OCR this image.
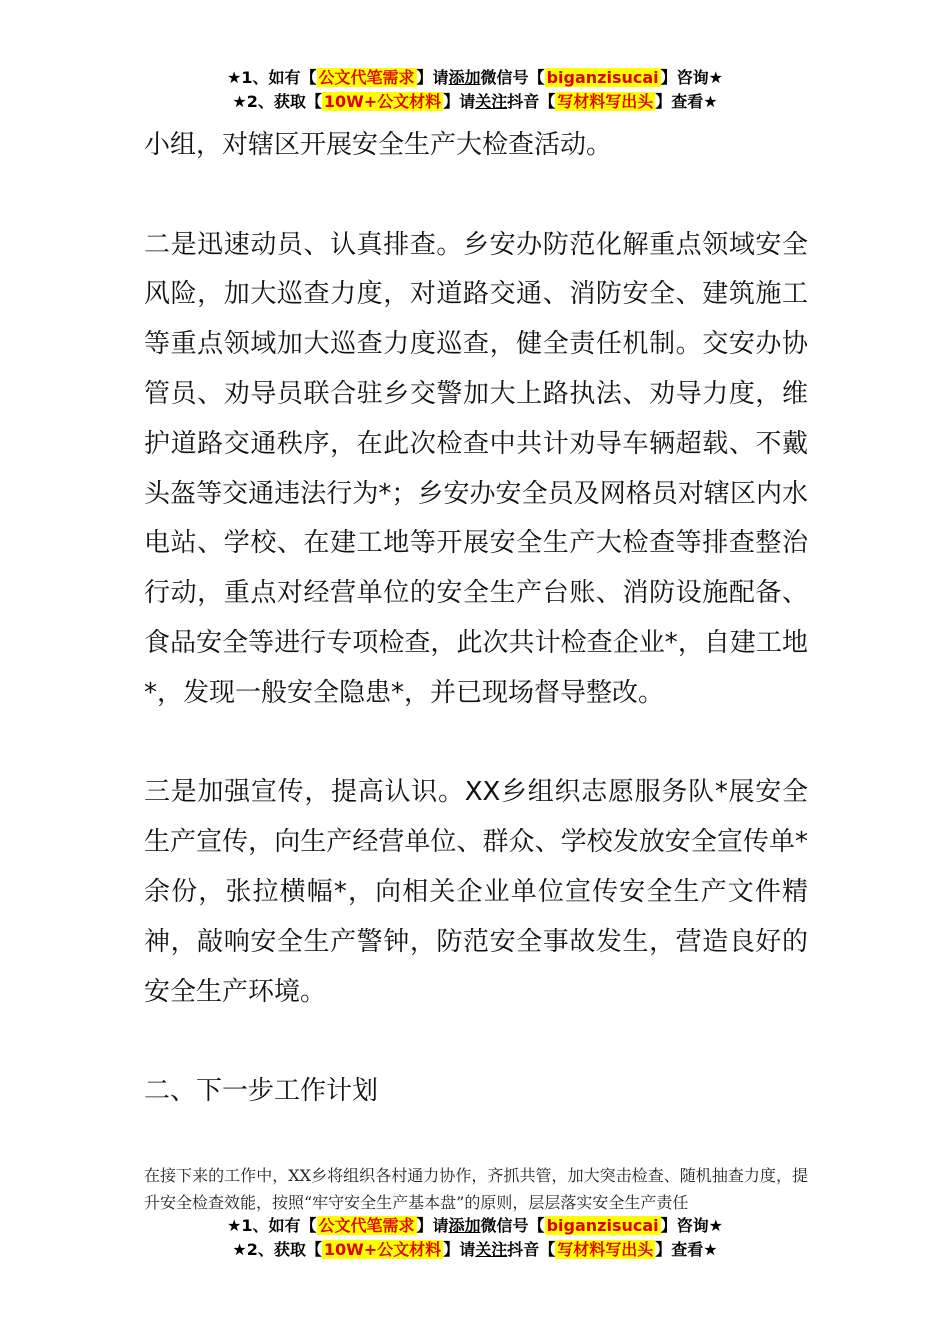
★1、如有【 公文代笔需求 】请添加微信号【 biganzisucai 】咨询★
★2、获取【 10W+公文材料 】请关注抖音【 写材料写出头 】查看★

小组，对辖区开展安全生产大检查活动。

二是迅速动员、认真排查。乡安办防范化解重点领域安全风险，加大巡查力度，对道路交通、消防安全、建筑施工等重点领域加大巡查力度巡查，健全责任机制。交安办协管员、劝导员联合驻乡交警加大上路执法、劝导力度，维护道路交通秩序，在此次检查中共计劝导车辆超载、不戴头盔等交通违法行为*；乡安办安全员及网格员对辖区内水电站、学校、在建工地等开展安全生产大检查等排查整治行动，重点对经营单位的安全生产台账、消防设施配备、食品安全等进行专项检查，此次共计检查企业*，自建工地*，发现一般安全隐患*，并已现场督导整改。

三是加强宣传，提高认识。XX乡组织志愿服务队*展安全生产宣传，向生产经营单位、群众、学校发放安全宣传单*余份，张拉横幅*，向相关企业单位宣传安全生产文件精神，敲响安全生产警钟，防范安全事故发生，营造良好的安全生产环境。

二、下一步工作计划

在接下来的工作中，XX乡将组织各村通力协作，齐抓共管，加大突击检查、随机抽查力度，提升安全检查效能，按照“牢守安全生产基本盘”的原则，层层落实安全生产责任
★1、如有【 公文代笔需求 】请添加微信号【 biganzisucai 】咨询★
★2、获取【 10W+公文材料 】请关注抖音【 写材料写出头 】查看★
